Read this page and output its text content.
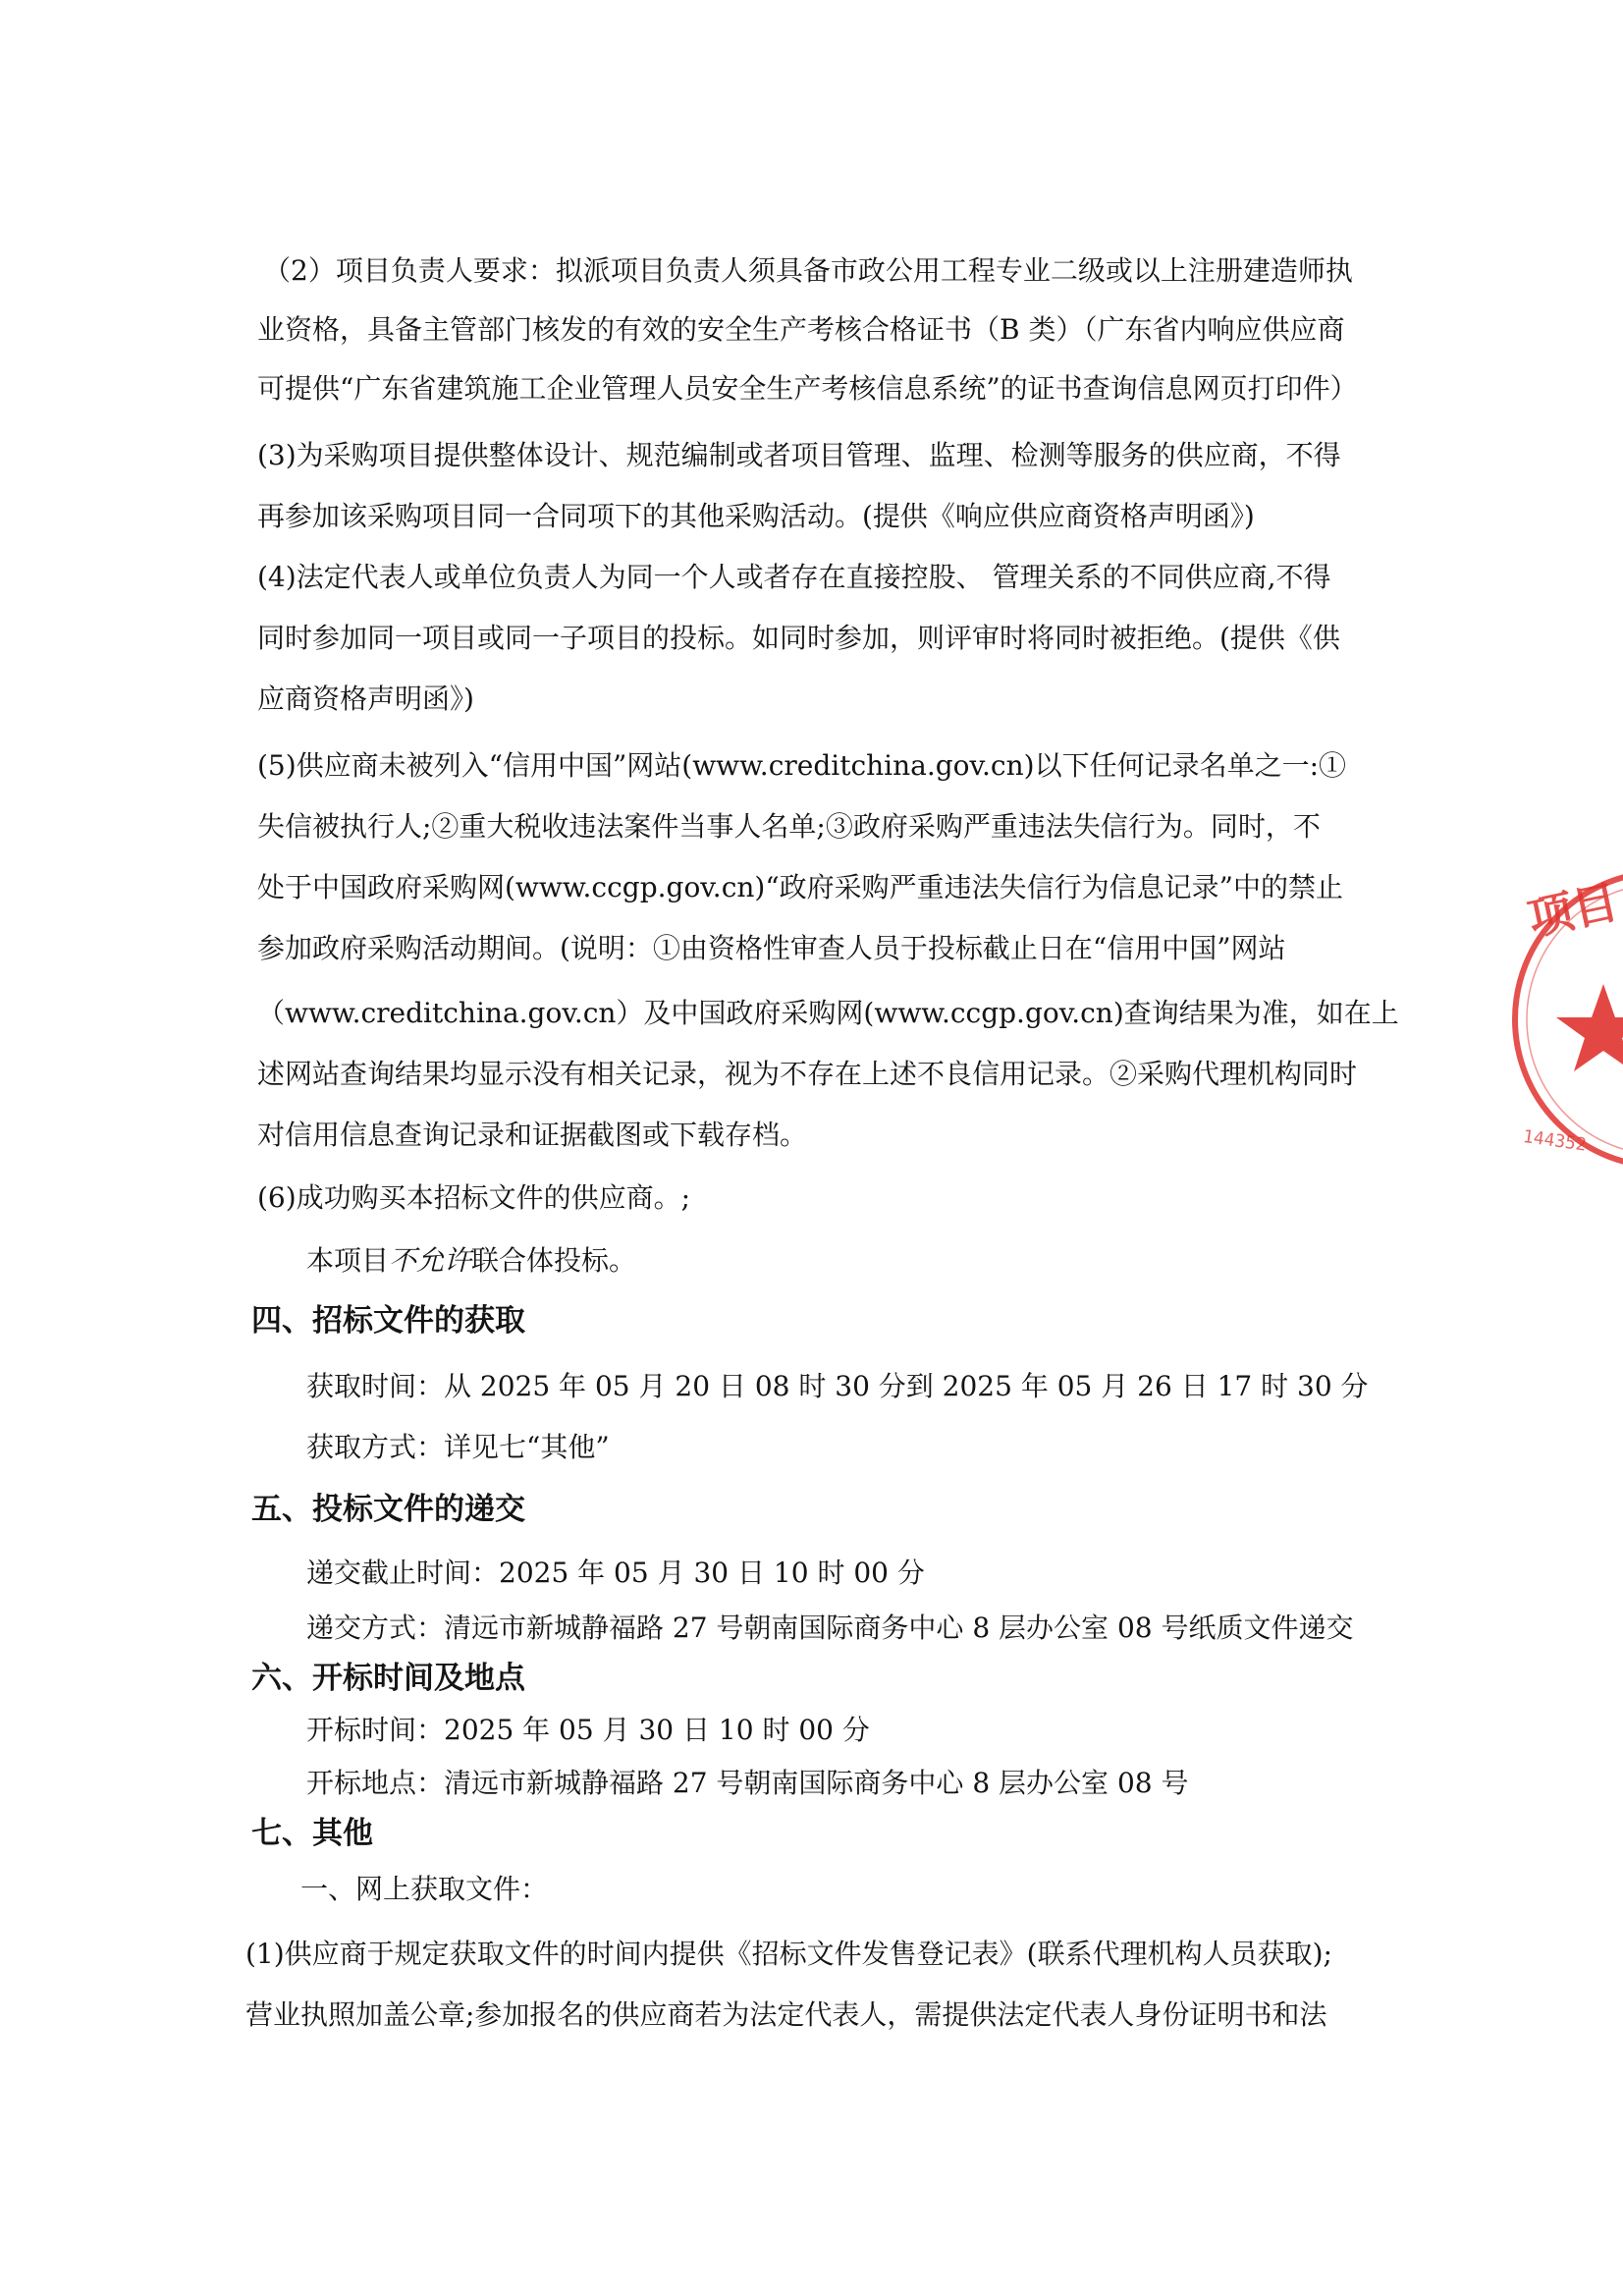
（2）项目负责人要求：拟派项目负责人须具备市政公用工程专业二级或以上注册建造师执
业资格，具备主管部门核发的有效的安全生产考核合格证书（B 类）（广东省内响应供应商
可提供“广东省建筑施工企业管理人员安全生产考核信息系统”的证书查询信息网页打印件）
(3)为采购项目提供整体设计、规范编制或者项目管理、监理、检测等服务的供应商，不得
再参加该采购项目同一合同项下的其他采购活动。(提供《响应供应商资格声明函》)
(4)法定代表人或单位负责人为同一个人或者存在直接控股、 管理关系的不同供应商,不得
同时参加同一项目或同一子项目的投标。如同时参加，则评审时将同时被拒绝。(提供《供
应商资格声明函》)
(5)供应商未被列入“信用中国”网站(www.creditchina.gov.cn)以下任何记录名单之一:①
失信被执行人;②重大税收违法案件当事人名单;③政府采购严重违法失信行为。同时，不
处于中国政府采购网(www.ccgp.gov.cn)“政府采购严重违法失信行为信息记录”中的禁止
参加政府采购活动期间。(说明：①由资格性审查人员于投标截止日在“信用中国”网站
（www.creditchina.gov.cn）及中国政府采购网(www.ccgp.gov.cn)查询结果为准，如在上
述网站查询结果均显示没有相关记录，视为不存在上述不良信用记录。②采购代理机构同时
对信用信息查询记录和证据截图或下载存档。
(6)成功购买本招标文件的供应商。;
本项目不允许联合体投标。
四、招标文件的获取
获取时间：从 2025 年 05 月 20 日 08 时 30 分到 2025 年 05 月 26 日 17 时 30 分
获取方式：详见七“其他”
五、投标文件的递交
递交截止时间：2025 年 05 月 30 日 10 时 00 分
递交方式：清远市新城静福路 27 号朝南国际商务中心 8 层办公室 08 号纸质文件递交
六、开标时间及地点
开标时间：2025 年 05 月 30 日 10 时 00 分
开标地点：清远市新城静福路 27 号朝南国际商务中心 8 层办公室 08 号
七、其他
一、网上获取文件：
(1)供应商于规定获取文件的时间内提供《招标文件发售登记表》(联系代理机构人员获取);
营业执照加盖公章;参加报名的供应商若为法定代表人，需提供法定代表人身份证明书和法
项目
144352
